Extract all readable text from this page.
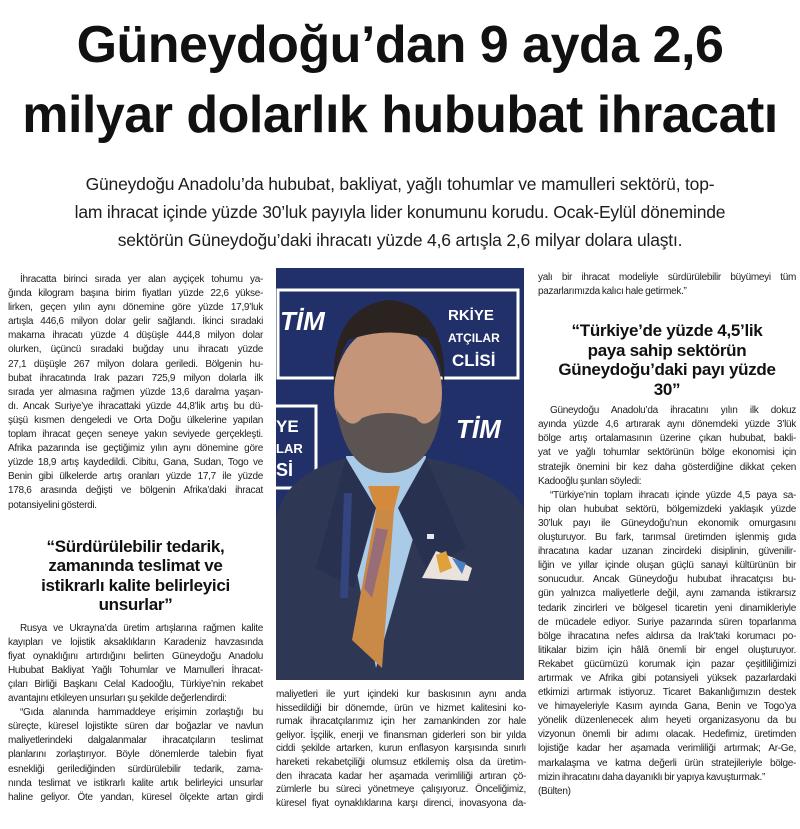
Güneydoğu’dan 9 ayda 2,6
milyar dolarlık hububat ihracatı
Güneydoğu Anadolu’da hububat, bakliyat, yağlı tohumlar ve mamulleri sektörü, top-
lam ihracat içinde yüzde 30’luk payıyla lider konumunu korudu. Ocak-Eylül döneminde
sektörün Güneydoğu’daki ihracatı yüzde 4,6 artışla 2,6 milyar dolara ulaştı.
İhracatta birinci sırada yer alan ayçiçek tohumu ya-
ğında kilogram başına birim fiyatları yüzde 22,6 yükse-
lirken, geçen yılın aynı dönemine göre yüzde 17,9’luk
artışla 446,6 milyon dolar gelir sağlandı. İkinci sıradaki
makarna ihracatı yüzde 4 düşüşle 444,8 milyon dolar
olurken, üçüncü sıradaki buğday unu ihracatı yüzde
27,1 düşüşle 267 milyon dolara geriledi. Bölgenin hu-
bubat ihracatında Irak pazarı 725,9 milyon dolarla ilk
sırada yer almasına rağmen yüzde 13,6 daralma yaşan-
dı. Ancak Suriye’ye ihracattaki yüzde 44,8’lik artış bu dü-
şüşü kısmen dengeledi ve Orta Doğu ülkelerine yapılan
toplam ihracat geçen seneye yakın seviyede gerçekleşti.
Afrika pazarında ise geçtiğimiz yılın aynı dönemine göre
yüzde 18,9 artış kaydedildi. Cibitu, Gana, Sudan, Togo ve
Benin gibi ülkelerde artış oranları yüzde 17,7 ile yüzde
178,6 arasında değişti ve bölgenin Afrika’daki ihracat
potansiyelini gösterdi.
“Sürdürülebilir tedarik,
zamanında teslimat ve
istikrarlı kalite belirleyici
unsurlar”
Rusya ve Ukrayna’da üretim artışlarına rağmen kalite
kayıpları ve lojistik aksaklıkların Karadeniz havzasında
fiyat oynaklığını artırdığını belirten Güneydoğu Anadolu
Hububat Bakliyat Yağlı Tohumlar ve Mamulleri İhracat-
çıları Birliği Başkanı Celal Kadooğlu, Türkiye’nin rekabet
avantajını etkileyen unsurları şu şekilde değerlendirdi:
“Gıda alanında hammaddeye erişimin zorlaştığı bu
süreçte, küresel lojistikte süren dar boğazlar ve navlun
maliyetlerindeki dalgalanmalar ihracatçıların teslimat
planlarını zorlaştırıyor. Böyle dönemlerde talebin fiyat
esnekliği gerilediğinden sürdürülebilir tedarik, zama-
nında teslimat ve istikrarlı kalite artık belirleyici unsurlar
haline geliyor. Öte yandan, küresel ölçekte artan girdi
TİM	RKİYE
ATÇILAR
CLİSİ
YE
LAR
Sİ
TİM
maliyetleri ile yurt içindeki kur baskısının aynı anda
hissedildiği bir dönemde, ürün ve hizmet kalitesini ko-
rumak ihracatçılarımız için her zamankinden zor hale
geliyor. İşçilik, enerji ve finansman giderleri son bir yılda
ciddi şekilde artarken, kurun enflasyon karşısında sınırlı
hareketi rekabetçiliği olumsuz etkilemiş olsa da üretim-
den ihracata kadar her aşamada verimliliği artıran çö-
zümlerle bu süreci yönetmeye çalışıyoruz. Önceliğimiz,
küresel fiyat oynaklıklarına karşı direnci, inovasyona da-
yalı bir ihracat modeliyle sürdürülebilir büyümeyi tüm
pazarlarımızda kalıcı hale getirmek.”
“Türkiye’de yüzde 4,5’lik
paya sahip sektörün
Güneydoğu’daki payı yüzde
30”
Güneydoğu Anadolu’da ihracatını yılın ilk dokuz
ayında yüzde 4,6 artırarak aynı dönemdeki yüzde 3’lük
bölge artış ortalamasının üzerine çıkan hububat, bakli-
yat ve yağlı tohumlar sektörünün bölge ekonomisi için
stratejik önemini bir kez daha gösterdiğine dikkat çeken
Kadooğlu şunları söyledi:
“Türkiye’nin toplam ihracatı içinde yüzde 4,5 paya sa-
hip olan hububat sektörü, bölgemizdeki yaklaşık yüzde
30’luk payı ile Güneydoğu’nun ekonomik omurgasını
oluşturuyor. Bu fark, tarımsal üretimden işlenmiş gıda
ihracatına kadar uzanan zincirdeki disiplinin, güvenilir-
liğin ve yıllar içinde oluşan güçlü sanayi kültürünün bir
sonucudur. Ancak Güneydoğu hububat ihracatçısı bu-
gün yalnızca maliyetlerle değil, aynı zamanda istikrarsız
tedarik zincirleri ve bölgesel ticaretin yeni dinamikleriyle
de mücadele ediyor. Suriye pazarında süren toparlanma
bölge ihracatına nefes aldırsa da Irak’taki korumacı po-
litikalar bizim için hâlâ önemli bir engel oluşturuyor.
Rekabet gücümüzü korumak için pazar çeşitliliğimizi
artırmak ve Afrika gibi potansiyeli yüksek pazarlardaki
etkimizi artırmak istiyoruz. Ticaret Bakanlığımızın destek
ve himayeleriyle Kasım ayında Gana, Benin ve Togo’ya
yönelik düzenlenecek alım heyeti organizasyonu da bu
vizyonun önemli bir adımı olacak. Hedefimiz, üretimden
lojistiğe kadar her aşamada verimliliği artırmak; Ar-Ge,
markalaşma ve katma değerli ürün stratejileriyle bölge-
mizin ihracatını daha dayanıklı bir yapıya kavuşturmak.”
(Bülten)
